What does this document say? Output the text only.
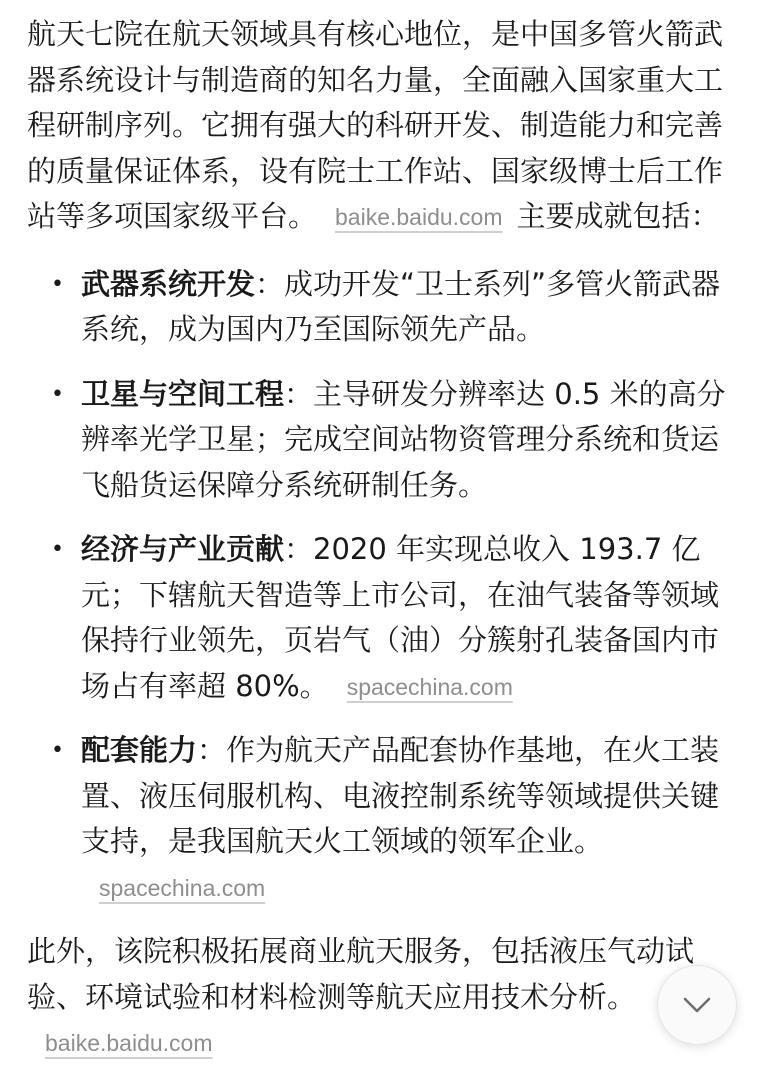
航天七院在航天领域具有核心地位，是中国多管火箭武器系统设计与制造商的知名力量，全面融入国家重大工程研制序列。它拥有强大的科研开发、制造能力和完善的质量保证体系，设有院士工作站、国家级博士后工作站等多项国家级平台。 baike.baidu.com 主要成就包括：

• 武器系统开发：成功开发“卫士系列”多管火箭武器系统，成为国内乃至国际领先产品。
• 卫星与空间工程：主导研发分辨率达 0.5 米的高分辨率光学卫星；完成空间站物资管理分系统和货运飞船货运保障分系统研制任务。
• 经济与产业贡献：2020 年实现总收入 193.7 亿元；下辖航天智造等上市公司，在油气装备等领域保持行业领先，页岩气（油）分簇射孔装备国内市场占有率超 80%。 spacechina.com
• 配套能力：作为航天产品配套协作基地，在火工装置、液压伺服机构、电液控制系统等领域提供关键支持，是我国航天火工领域的领军企业。spacechina.com

此外，该院积极拓展商业航天服务，包括液压气动试验、环境试验和材料检测等航天应用技术分析。baike.baidu.com
